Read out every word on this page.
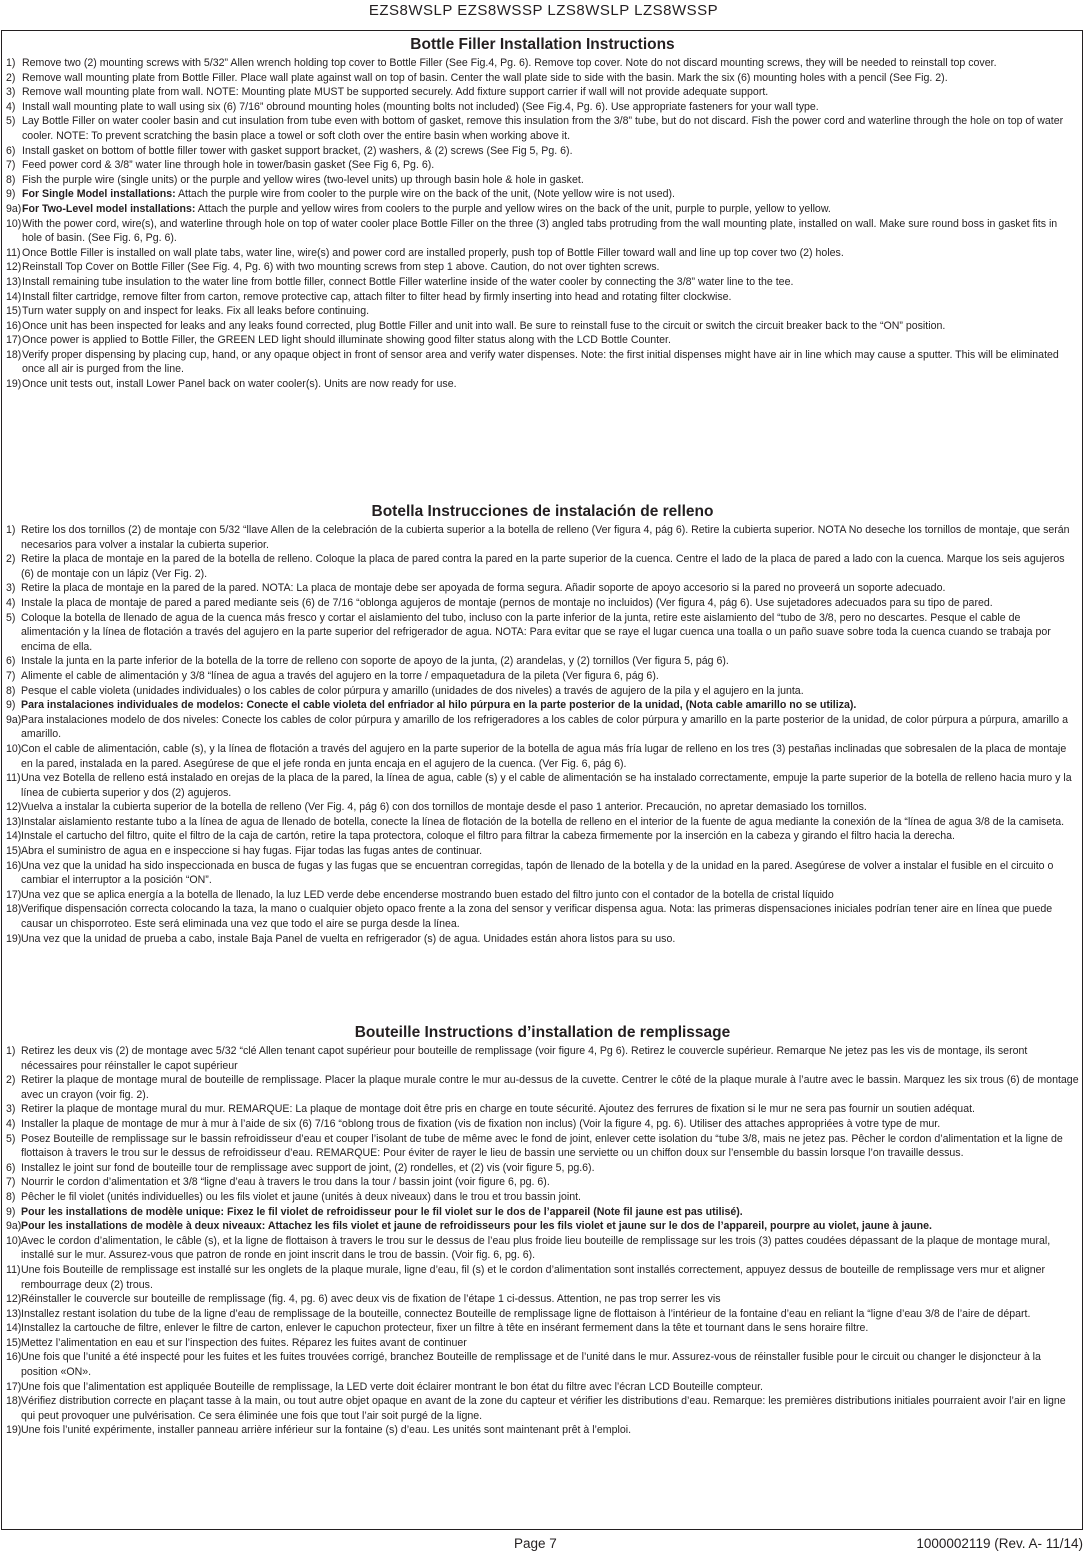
EZS8WSLP EZS8WSSP LZS8WSLP LZS8WSSP
Bottle Filler Installation Instructions
1) Remove two (2) mounting screws with 5/32” Allen wrench holding top cover to Bottle Filler (See Fig.4, Pg. 6). Remove top cover. Note do not discard mounting screws, they will be needed to reinstall top cover.
2) Remove wall mounting plate from Bottle Filler. Place wall plate against wall on top of basin. Center the wall plate side to side with the basin. Mark the six (6) mounting holes with a pencil (See Fig. 2).
3) Remove wall mounting plate from wall. NOTE: Mounting plate MUST be supported securely. Add fixture support carrier if wall will not provide adequate support.
4) Install wall mounting plate to wall using six (6) 7/16” obround mounting holes (mounting bolts not included) (See Fig.4, Pg. 6). Use appropriate fasteners for your wall type.
5) Lay Bottle Filler on water cooler basin and cut insulation from tube even with bottom of gasket, remove this insulation from the 3/8” tube, but do not discard. Fish the power cord and waterline through the hole on top of water cooler. NOTE: To prevent scratching the basin place a towel or soft cloth over the entire basin when working above it.
6) Install gasket on bottom of bottle filler tower with gasket support bracket, (2) washers, & (2) screws (See Fig 5, Pg. 6).
7) Feed power cord & 3/8” water line through hole in tower/basin gasket (See Fig 6, Pg. 6).
8) Fish the purple wire (single units) or the purple and yellow wires (two-level units) up through basin hole & hole in gasket.
9) For Single Model installations: Attach the purple wire from cooler to the purple wire on the back of the unit, (Note yellow wire is not used).
9a)For Two-Level model installations: Attach the purple and yellow wires from coolers to the purple and yellow wires on the back of the unit, purple to purple, yellow to yellow.
10)With the power cord, wire(s), and waterline through hole on top of water cooler place Bottle Filler on the three (3) angled tabs protruding from the wall mounting plate, installed on wall. Make sure round boss in gasket fits in hole of basin. (See Fig. 6, Pg. 6).
11)Once Bottle Filler is installed on wall plate tabs, water line, wire(s) and power cord are installed properly, push top of Bottle Filler toward wall and line up top cover two (2) holes.
12)Reinstall Top Cover on Bottle Filler (See Fig. 4, Pg. 6) with two mounting screws from step 1 above. Caution, do not over tighten screws.
13)Install remaining tube insulation to the water line from bottle filler, connect Bottle Filler waterline inside of the water cooler by connecting the 3/8” water line to the tee.
14)Install filter cartridge, remove filter from carton, remove protective cap, attach filter to filter head by firmly inserting into head and rotating filter clockwise.
15)Turn water supply on and inspect for leaks. Fix all leaks before continuing.
16)Once unit has been inspected for leaks and any leaks found corrected, plug Bottle Filler and unit into wall. Be sure to reinstall fuse to the circuit or switch the circuit breaker back to the “ON” position.
17)Once power is applied to Bottle Filler, the GREEN LED light should illuminate showing good filter status along with the LCD Bottle Counter.
18)Verify proper dispensing by placing cup, hand, or any opaque object in front of sensor area and verify water dispenses. Note: the first initial dispenses might have air in line which may cause a sputter. This will be eliminated once all air is purged from the line.
19)Once unit tests out, install Lower Panel back on water cooler(s). Units are now ready for use.
Botella Instrucciones de instalación de relleno
1) Retire los dos tornillos (2) de montaje con 5/32 “llave Allen de la celebración de la cubierta superior a la botella de relleno (Ver figura 4, pág 6). Retire la cubierta superior. NOTA No deseche los tornillos de montaje, que serán necesarios para volver a instalar la cubierta superior.
2) Retire la placa de montaje en la pared de la botella de relleno. Coloque la placa de pared contra la pared en la parte superior de la cuenca. Centre el lado de la placa de pared a lado con la cuenca. Marque los seis agujeros (6) de montaje con un lápiz (Ver Fig. 2).
3) Retire la placa de montaje en la pared de la pared. NOTA: La placa de montaje debe ser apoyada de forma segura. Añadir soporte de apoyo accesorio si la pared no proveerá un soporte adecuado.
4) Instale la placa de montaje de pared a pared mediante seis (6) de 7/16 “oblonga agujeros de montaje (pernos de montaje no incluidos) (Ver figura 4, pág 6). Use sujetadores adecuados para su tipo de pared.
5) Coloque la botella de llenado de agua de la cuenca más fresco y cortar el aislamiento del tubo, incluso con la parte inferior de la junta, retire este aislamiento del “tubo de 3/8, pero no descartes. Pesque el cable de alimentación y la línea de flotación a través del agujero en la parte superior del refrigerador de agua. NOTA: Para evitar que se raye el lugar cuenca una toalla o un paño suave sobre toda la cuenca cuando se trabaja por encima de ella.
6) Instale la junta en la parte inferior de la botella de la torre de relleno con soporte de apoyo de la junta, (2) arandelas, y (2) tornillos (Ver figura 5, pág 6).
7) Alimente el cable de alimentación y 3/8 “línea de agua a través del agujero en la torre / empaquetadura de la pileta (Ver figura 6, pág 6).
8) Pesque el cable violeta (unidades individuales) o los cables de color púrpura y amarillo (unidades de dos niveles) a través de agujero de la pila y el agujero en la junta.
9) Para instalaciones individuales de modelos: Conecte el cable violeta del enfriador al hilo púrpura en la parte posterior de la unidad, (Nota cable amarillo no se utiliza).
9a)Para instalaciones modelo de dos niveles: Conecte los cables de color púrpura y amarillo de los refrigeradores a los cables de color púrpura y amarillo en la parte posterior de la unidad, de color púrpura a púrpura, amarillo a amarillo.
10)Con el cable de alimentación, cable (s), y la línea de flotación a través del agujero en la parte superior de la botella de agua más fría lugar de relleno en los tres (3) pestañas inclinadas que sobresalen de la placa de montaje en la pared, instalada en la pared. Asegúrese de que el jefe ronda en junta encaja en el agujero de la cuenca. (Ver Fig. 6, pág 6).
11)Una vez Botella de relleno está instalado en orejas de la placa de la pared, la línea de agua, cable (s) y el cable de alimentación se ha instalado correctamente, empuje la parte superior de la botella de relleno hacia muro y la línea de cubierta superior y dos (2) agujeros.
12)Vuelva a instalar la cubierta superior de la botella de relleno (Ver Fig. 4, pág 6) con dos tornillos de montaje desde el paso 1 anterior. Precaución, no apretar demasiado los tornillos.
13)Instalar aislamiento restante tubo a la línea de agua de llenado de botella, conecte la línea de flotación de la botella de relleno en el interior de la fuente de agua mediante la conexión de la “línea de agua 3/8 de la camiseta.
14)Instale el cartucho del filtro, quite el filtro de la caja de cartón, retire la tapa protectora, coloque el filtro para filtrar la cabeza firmemente por la inserción en la cabeza y girando el filtro hacia la derecha.
15)Abra el suministro de agua en e inspeccione si hay fugas. Fijar todas las fugas antes de continuar.
16)Una vez que la unidad ha sido inspeccionada en busca de fugas y las fugas que se encuentran corregidas, tapón de llenado de la botella y de la unidad en la pared. Asegúrese de volver a instalar el fusible en el circuito o cambiar el interruptor a la posición “ON”.
17)Una vez que se aplica energía a la botella de llenado, la luz LED verde debe encenderse mostrando buen estado del filtro junto con el contador de la botella de cristal líquido
18)Verifique dispensación correcta colocando la taza, la mano o cualquier objeto opaco frente a la zona del sensor y verificar dispensa agua. Nota: las primeras dispensaciones iniciales podrían tener aire en línea que puede causar un chisporroteo. Este será eliminada una vez que todo el aire se purga desde la línea.
19)Una vez que la unidad de prueba a cabo, instale Baja Panel de vuelta en refrigerador (s) de agua. Unidades están ahora listos para su uso.
Bouteille Instructions d’installation de remplissage
1) Retirez les deux vis (2) de montage avec 5/32 “clé Allen tenant capot supérieur pour bouteille de remplissage (voir figure 4, Pg 6). Retirez le couvercle supérieur. Remarque Ne jetez pas les vis de montage, ils seront nécessaires pour réinstaller le capot supérieur
2) Retirer la plaque de montage mural de bouteille de remplissage. Placer la plaque murale contre le mur au-dessus de la cuvette. Centrer le côté de la plaque murale à l’autre avec le bassin. Marquez les six trous (6) de montage avec un crayon (voir fig. 2).
3) Retirer la plaque de montage mural du mur. REMARQUE: La plaque de montage doit être pris en charge en toute sécurité. Ajoutez des ferrures de fixation si le mur ne sera pas fournir un soutien adéquat.
4) Installer la plaque de montage de mur à mur à l’aide de six (6) 7/16 “oblong trous de fixation (vis de fixation non inclus) (Voir la figure 4, pg. 6). Utiliser des attaches appropriées à votre type de mur.
5) Posez Bouteille de remplissage sur le bassin refroidisseur d’eau et couper l’isolant de tube de même avec le fond de joint, enlever cette isolation du “tube 3/8, mais ne jetez pas. Pêcher le cordon d’alimentation et la ligne de flottaison à travers le trou sur le dessus de refroidisseur d’eau. REMARQUE: Pour éviter de rayer le lieu de bassin une serviette ou un chiffon doux sur l’ensemble du bassin lorsque l’on travaille dessus.
6) Installez le joint sur fond de bouteille tour de remplissage avec support de joint, (2) rondelles, et (2) vis (voir figure 5, pg.6).
7) Nourrir le cordon d’alimentation et 3/8 “ligne d’eau à travers le trou dans la tour / bassin joint (voir figure 6, pg. 6).
8) Pêcher le fil violet (unités individuelles) ou les fils violet et jaune (unités à deux niveaux) dans le trou et trou bassin joint.
9) Pour les installations de modèle unique: Fixez le fil violet de refroidisseur pour le fil violet sur le dos de l’appareil (Note fil jaune est pas utilisé).
9a)Pour les installations de modèle à deux niveaux: Attachez les fils violet et jaune de refroidisseurs pour les fils violet et jaune sur le dos de l’appareil, pourpre au violet, jaune à jaune.
10)Avec le cordon d’alimentation, le câble (s), et la ligne de flottaison à travers le trou sur le dessus de l’eau plus froide lieu bouteille de remplissage sur les trois (3) pattes coudées dépassant de la plaque de montage mural, installé sur le mur. Assurez-vous que patron de ronde en joint inscrit dans le trou de bassin. (Voir fig. 6, pg. 6).
11)Une fois Bouteille de remplissage est installé sur les onglets de la plaque murale, ligne d’eau, fil (s) et le cordon d’alimentation sont installés correctement, appuyez dessus de bouteille de remplissage vers mur et aligner rembourrage deux (2) trous.
12)Réinstaller le couvercle sur bouteille de remplissage (fig. 4, pg. 6) avec deux vis de fixation de l’étape 1 ci-dessus. Attention, ne pas trop serrer les vis
13)Installez restant isolation du tube de la ligne d’eau de remplissage de la bouteille, connectez Bouteille de remplissage ligne de flottaison à l’intérieur de la fontaine d’eau en reliant la “ligne d’eau 3/8 de l’aire de départ.
14)Installez la cartouche de filtre, enlever le filtre de carton, enlever le capuchon protecteur, fixer un filtre à tête en insérant fermement dans la tête et tournant dans le sens horaire filtre.
15)Mettez l’alimentation en eau et sur l’inspection des fuites. Réparez les fuites avant de continuer
16)Une fois que l’unité a été inspecté pour les fuites et les fuites trouvées corrigé, branchez Bouteille de remplissage et de l’unité dans le mur. Assurez-vous de réinstaller fusible pour le circuit ou changer le disjoncteur à la position «ON».
17)Une fois que l’alimentation est appliquée Bouteille de remplissage, la LED verte doit éclairer montrant le bon état du filtre avec l’écran LCD Bouteille compteur.
18)Vérifiez distribution correcte en plaçant tasse à la main, ou tout autre objet opaque en avant de la zone du capteur et vérifier les distributions d’eau. Remarque: les premières distributions initiales pourraient avoir l’air en ligne qui peut provoquer une pulvérisation. Ce sera éliminée une fois que tout l’air soit purgé de la ligne.
19)Une fois l’unité expérimente, installer panneau arrière inférieur sur la fontaine (s) d’eau. Les unités sont maintenant prêt à l’emploi.
Page 7	1000002119 (Rev. A- 11/14)
